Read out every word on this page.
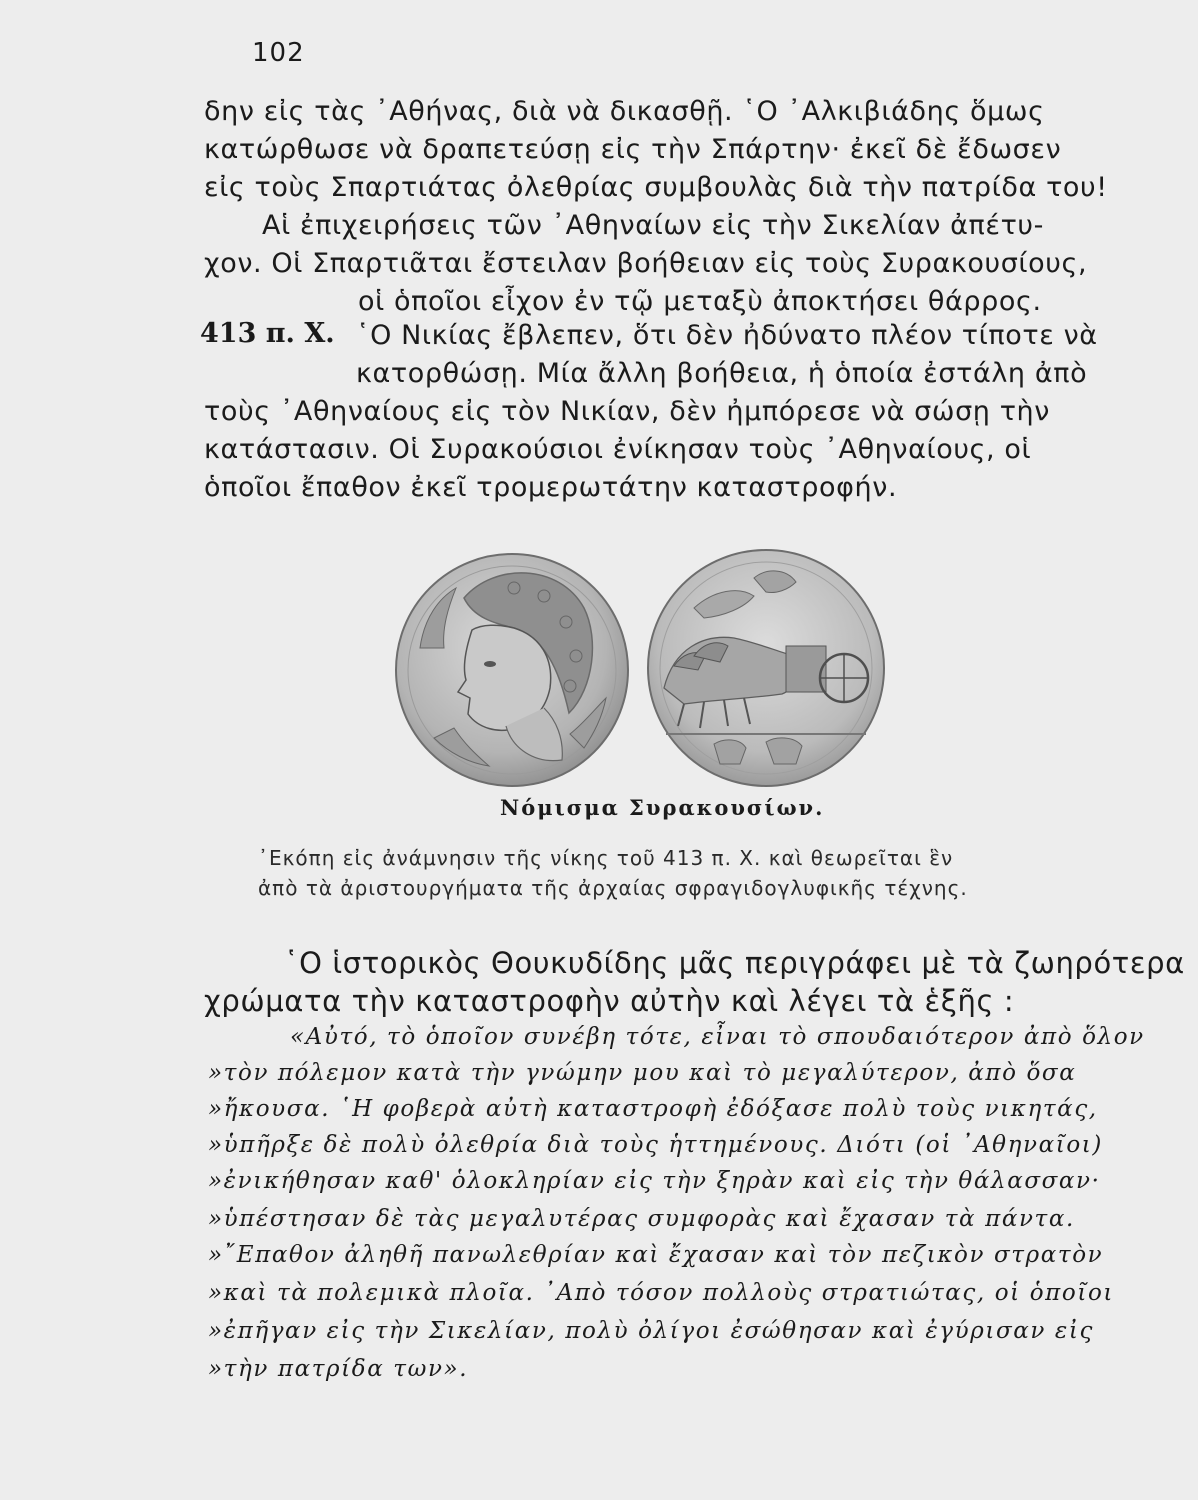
102
δην εἰς τὰς ᾿Αθήνας, διὰ νὰ δικασθῇ. ῾Ο ᾿Αλκιβιάδης ὅμως
κατώρθωσε νὰ δραπετεύσῃ εἰς τὴν Σπάρτην· ἐκεῖ δὲ ἔδωσεν
εἰς τοὺς Σπαρτιάτας ὀλεθρίας συμβουλὰς διὰ τὴν πατρίδα του!
Αἱ ἐπιχειρήσεις τῶν ᾿Αθηναίων εἰς τὴν Σικελίαν ἀπέτυ-
χον. Οἱ Σπαρτιᾶται ἔστειλαν βοήθειαν εἰς τοὺς Συρακουσίους,
οἱ ὁποῖοι εἶχον ἐν τῷ μεταξὺ ἀποκτήσει θάρρος.
413 π. Χ. ῾Ο Νικίας ἔβλεπεν, ὅτι δὲν ἠδύνατο πλέον τίποτε νὰ
κατορθώσῃ. Μία ἄλλη βοήθεια, ἡ ὁποία ἐστάλη ἀπὸ
τοὺς ᾿Αθηναίους εἰς τὸν Νικίαν, δὲν ἠμπόρεσε νὰ σώσῃ τὴν
κατάστασιν. Οἱ Συρακούσιοι ἐνίκησαν τοὺς ᾿Αθηναίους, οἱ
ὁποῖοι ἔπαθον ἐκεῖ τρομερωτάτην καταστροφήν.
Νόμισμα Συρακουσίων.
᾿Εκόπη εἰς ἀνάμνησιν τῆς νίκης τοῦ 413 π. Χ. καὶ θεωρεῖται ἓν
ἀπὸ τὰ ἀριστουργήματα τῆς ἀρχαίας σφραγιδογλυφικῆς τέχνης.
῾Ο ἱστορικὸς Θουκυδίδης μᾶς περιγράφει μὲ τὰ ζωηρότερα
χρώματα τὴν καταστροφὴν αὐτὴν καὶ λέγει τὰ ἑξῆς :
«Αὐτό, τὸ ὁποῖον συνέβη τότε, εἶναι τὸ σπουδαιότερον ἀπὸ ὅλον
»τὸν πόλεμον κατὰ τὴν γνώμην μου καὶ τὸ μεγαλύτερον, ἀπὸ ὅσα
»ἤκουσα. ῾Η φοβερὰ αὐτὴ καταστροφὴ ἐδόξασε πολὺ τοὺς νικητάς,
»ὑπῆρξε δὲ πολὺ ὀλεθρία διὰ τοὺς ἡττημένους. Διότι (οἱ ᾿Αθηναῖοι)
»ἐνικήθησαν καθ' ὁλοκληρίαν εἰς τὴν ξηρὰν καὶ εἰς τὴν θάλασσαν·
»ὑπέστησαν δὲ τὰς μεγαλυτέρας συμφορὰς καὶ ἔχασαν τὰ πάντα.
»῎Επαθον ἀληθῆ πανωλεθρίαν καὶ ἔχασαν καὶ τὸν πεζικὸν στρατὸν
»καὶ τὰ πολεμικὰ πλοῖα. ᾿Απὸ τόσον πολλοὺς στρατιώτας, οἱ ὁποῖοι
»ἐπῆγαν εἰς τὴν Σικελίαν, πολὺ ὀλίγοι ἐσώθησαν καὶ ἐγύρισαν εἰς
»τὴν πατρίδα των».
